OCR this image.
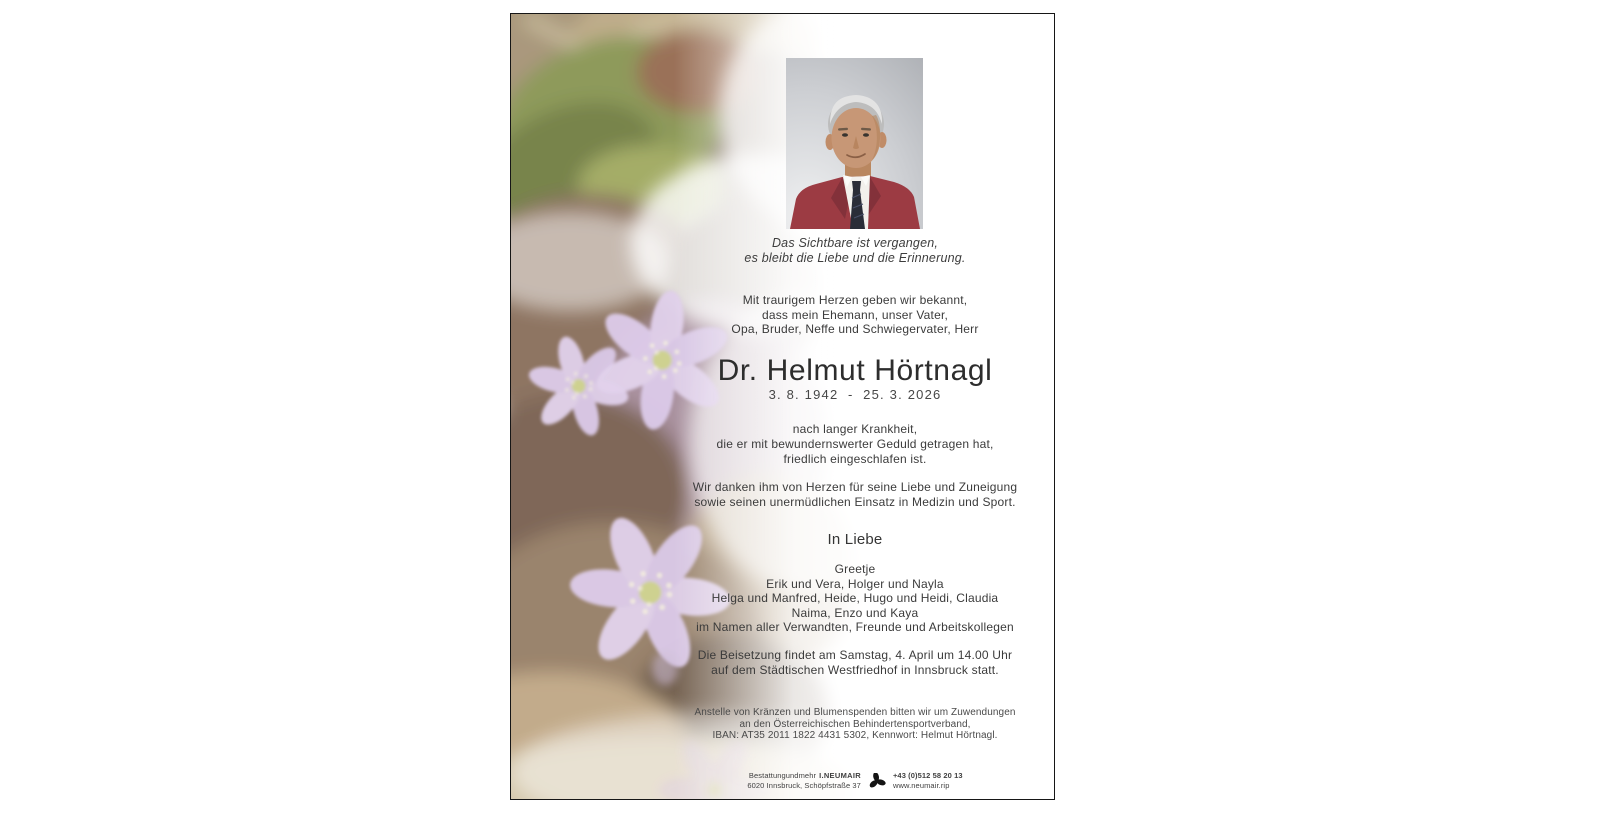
Das Sichtbare ist vergangen,
es bleibt die Liebe und die Erinnerung.
Mit traurigem Herzen geben wir bekannt,
dass mein Ehemann, unser Vater,
Opa, Bruder, Neffe und Schwiegervater, Herr
Dr. Helmut Hörtnagl
3. 8. 1942  -  25. 3. 2026
nach langer Krankheit,
die er mit bewundernswerter Geduld getragen hat,
friedlich eingeschlafen ist.
Wir danken ihm von Herzen für seine Liebe und Zuneigung
sowie seinen unermüdlichen Einsatz in Medizin und Sport.
In Liebe
Greetje
Erik und Vera, Holger und Nayla
Helga und Manfred, Heide, Hugo und Heidi, Claudia
Naima, Enzo und Kaya
im Namen aller Verwandten, Freunde und Arbeitskollegen
Die Beisetzung findet am Samstag, 4. April um 14.00 Uhr
auf dem Städtischen Westfriedhof in Innsbruck statt.
Anstelle von Kränzen und Blumenspenden bitten wir um Zuwendungen
an den Österreichischen Behindertensportverband,
IBAN: AT35 2011 1822 4431 5302, Kennwort: Helmut Hörtnagl.
Bestattungundmehr I.NEUMAIR
6020 Innsbruck, Schöpfstraße 37
+43 (0)512 58 20 13
www.neumair.rip
